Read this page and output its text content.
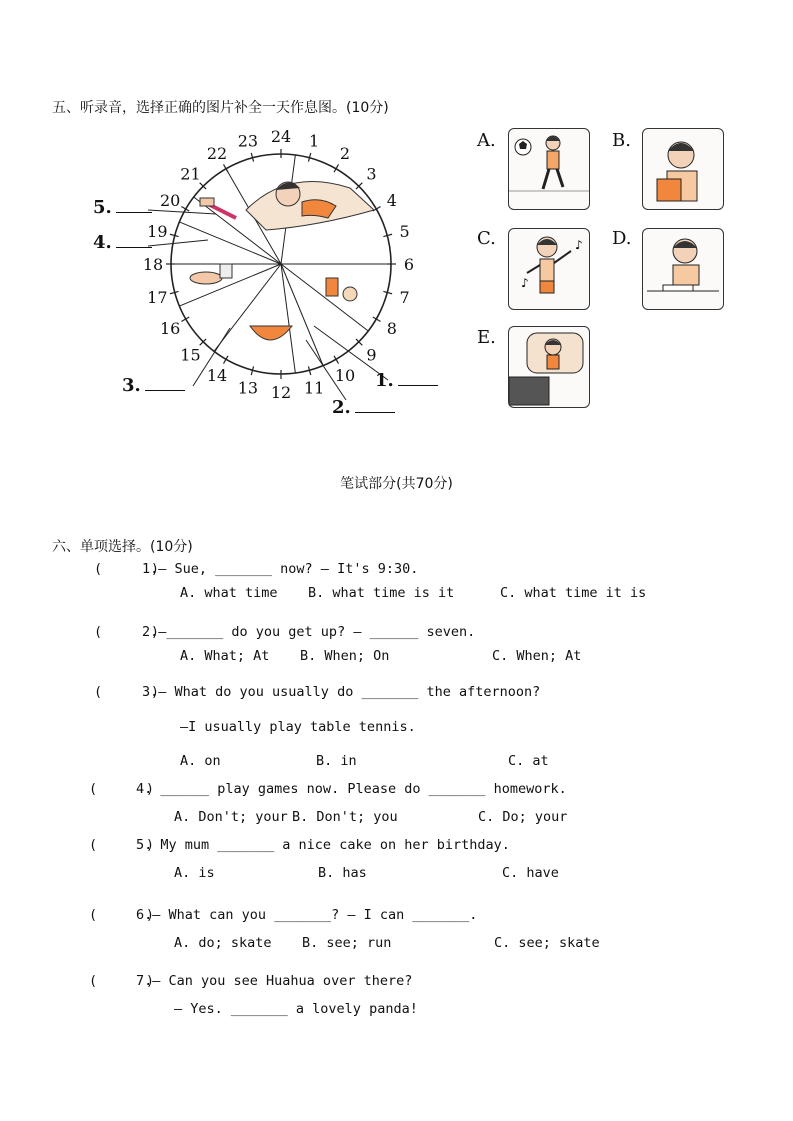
五、听录音，选择正确的图片补全一天作息图。(10分)
1
2
3
4
5
6
7
8
9
10
11
12
13
14
15
16
17
18
19
20
21
22
23 24
5.
4.
3.	1.
2.
A.	B.
C.
♪
♪ D.
E.
笔试部分(共70分)
六、单项选择。(10分)
(      )
1.— Sue, _______ now? — It's 9:30.
A. what time B. what time is it	C. what time it is
(      )
2.—_______ do you get up? — ______ seven.
A. What; At B. When; On	C. When; At
(      )
3.— What do you usually do _______ the afternoon?
—I usually play table tennis.
A. on	B. in	C. at
(      )
4. ______ play games now. Please do _______ homework.
A. Don't; your B. Don't; you	C. Do; your
(      )
5. My mum _______ a nice cake on her birthday.
A. is	B. has	C. have
(      )
6.— What can you _______? — I can _______.
A. do; skate B. see; run	C. see; skate
(      )
7.— Can you see Huahua over there?
— Yes. _______ a lovely panda!
